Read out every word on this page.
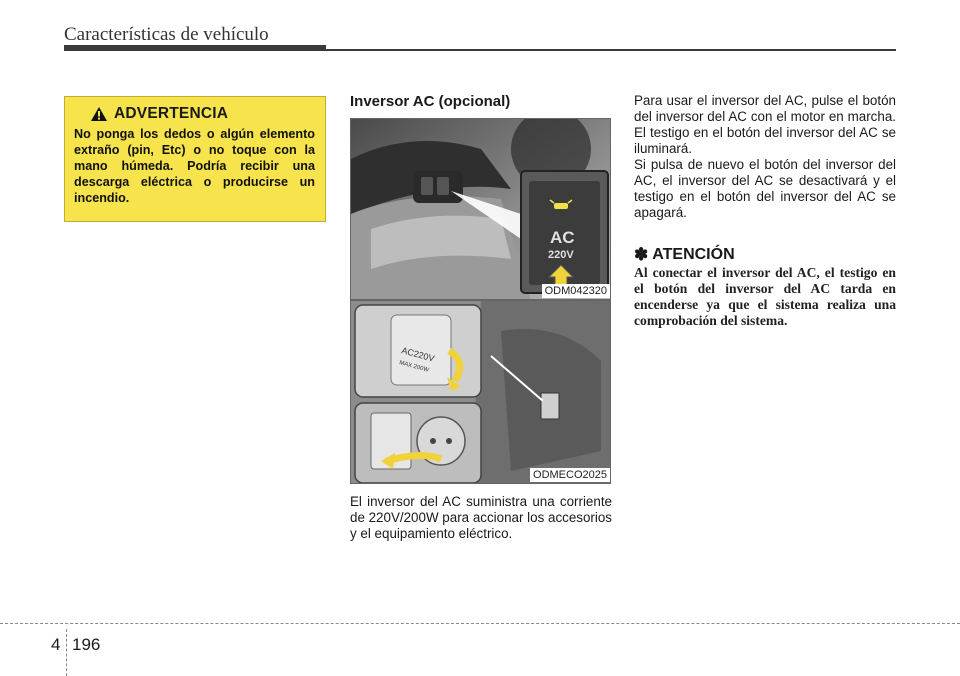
Características de vehículo
ADVERTENCIA
No ponga los dedos o algún elemento extraño (pin, Etc) o no toque con la mano húmeda. Podría recibir una descarga eléctrica o producirse un incendio.
Inversor AC (opcional)
AC
220V
ODM042320
AC220V
MAX 200W
ODMECO2025
El inversor del AC suministra una corriente de 220V/200W para accionar los accesorios y el equipamiento eléctrico.
Para usar el inversor del AC, pulse el botón del inversor del AC con el motor en marcha. El testigo en el botón del inversor del AC se iluminará.
Si pulsa de nuevo el botón del inversor del AC, el inversor del AC se desactivará y el testigo en el botón del inversor del AC se apagará.
✽ ATENCIÓN
Al conectar el inversor del AC, el testigo en el botón del inversor del AC tarda en encenderse ya que el sistema realiza una comprobación del sistema.
4 196
